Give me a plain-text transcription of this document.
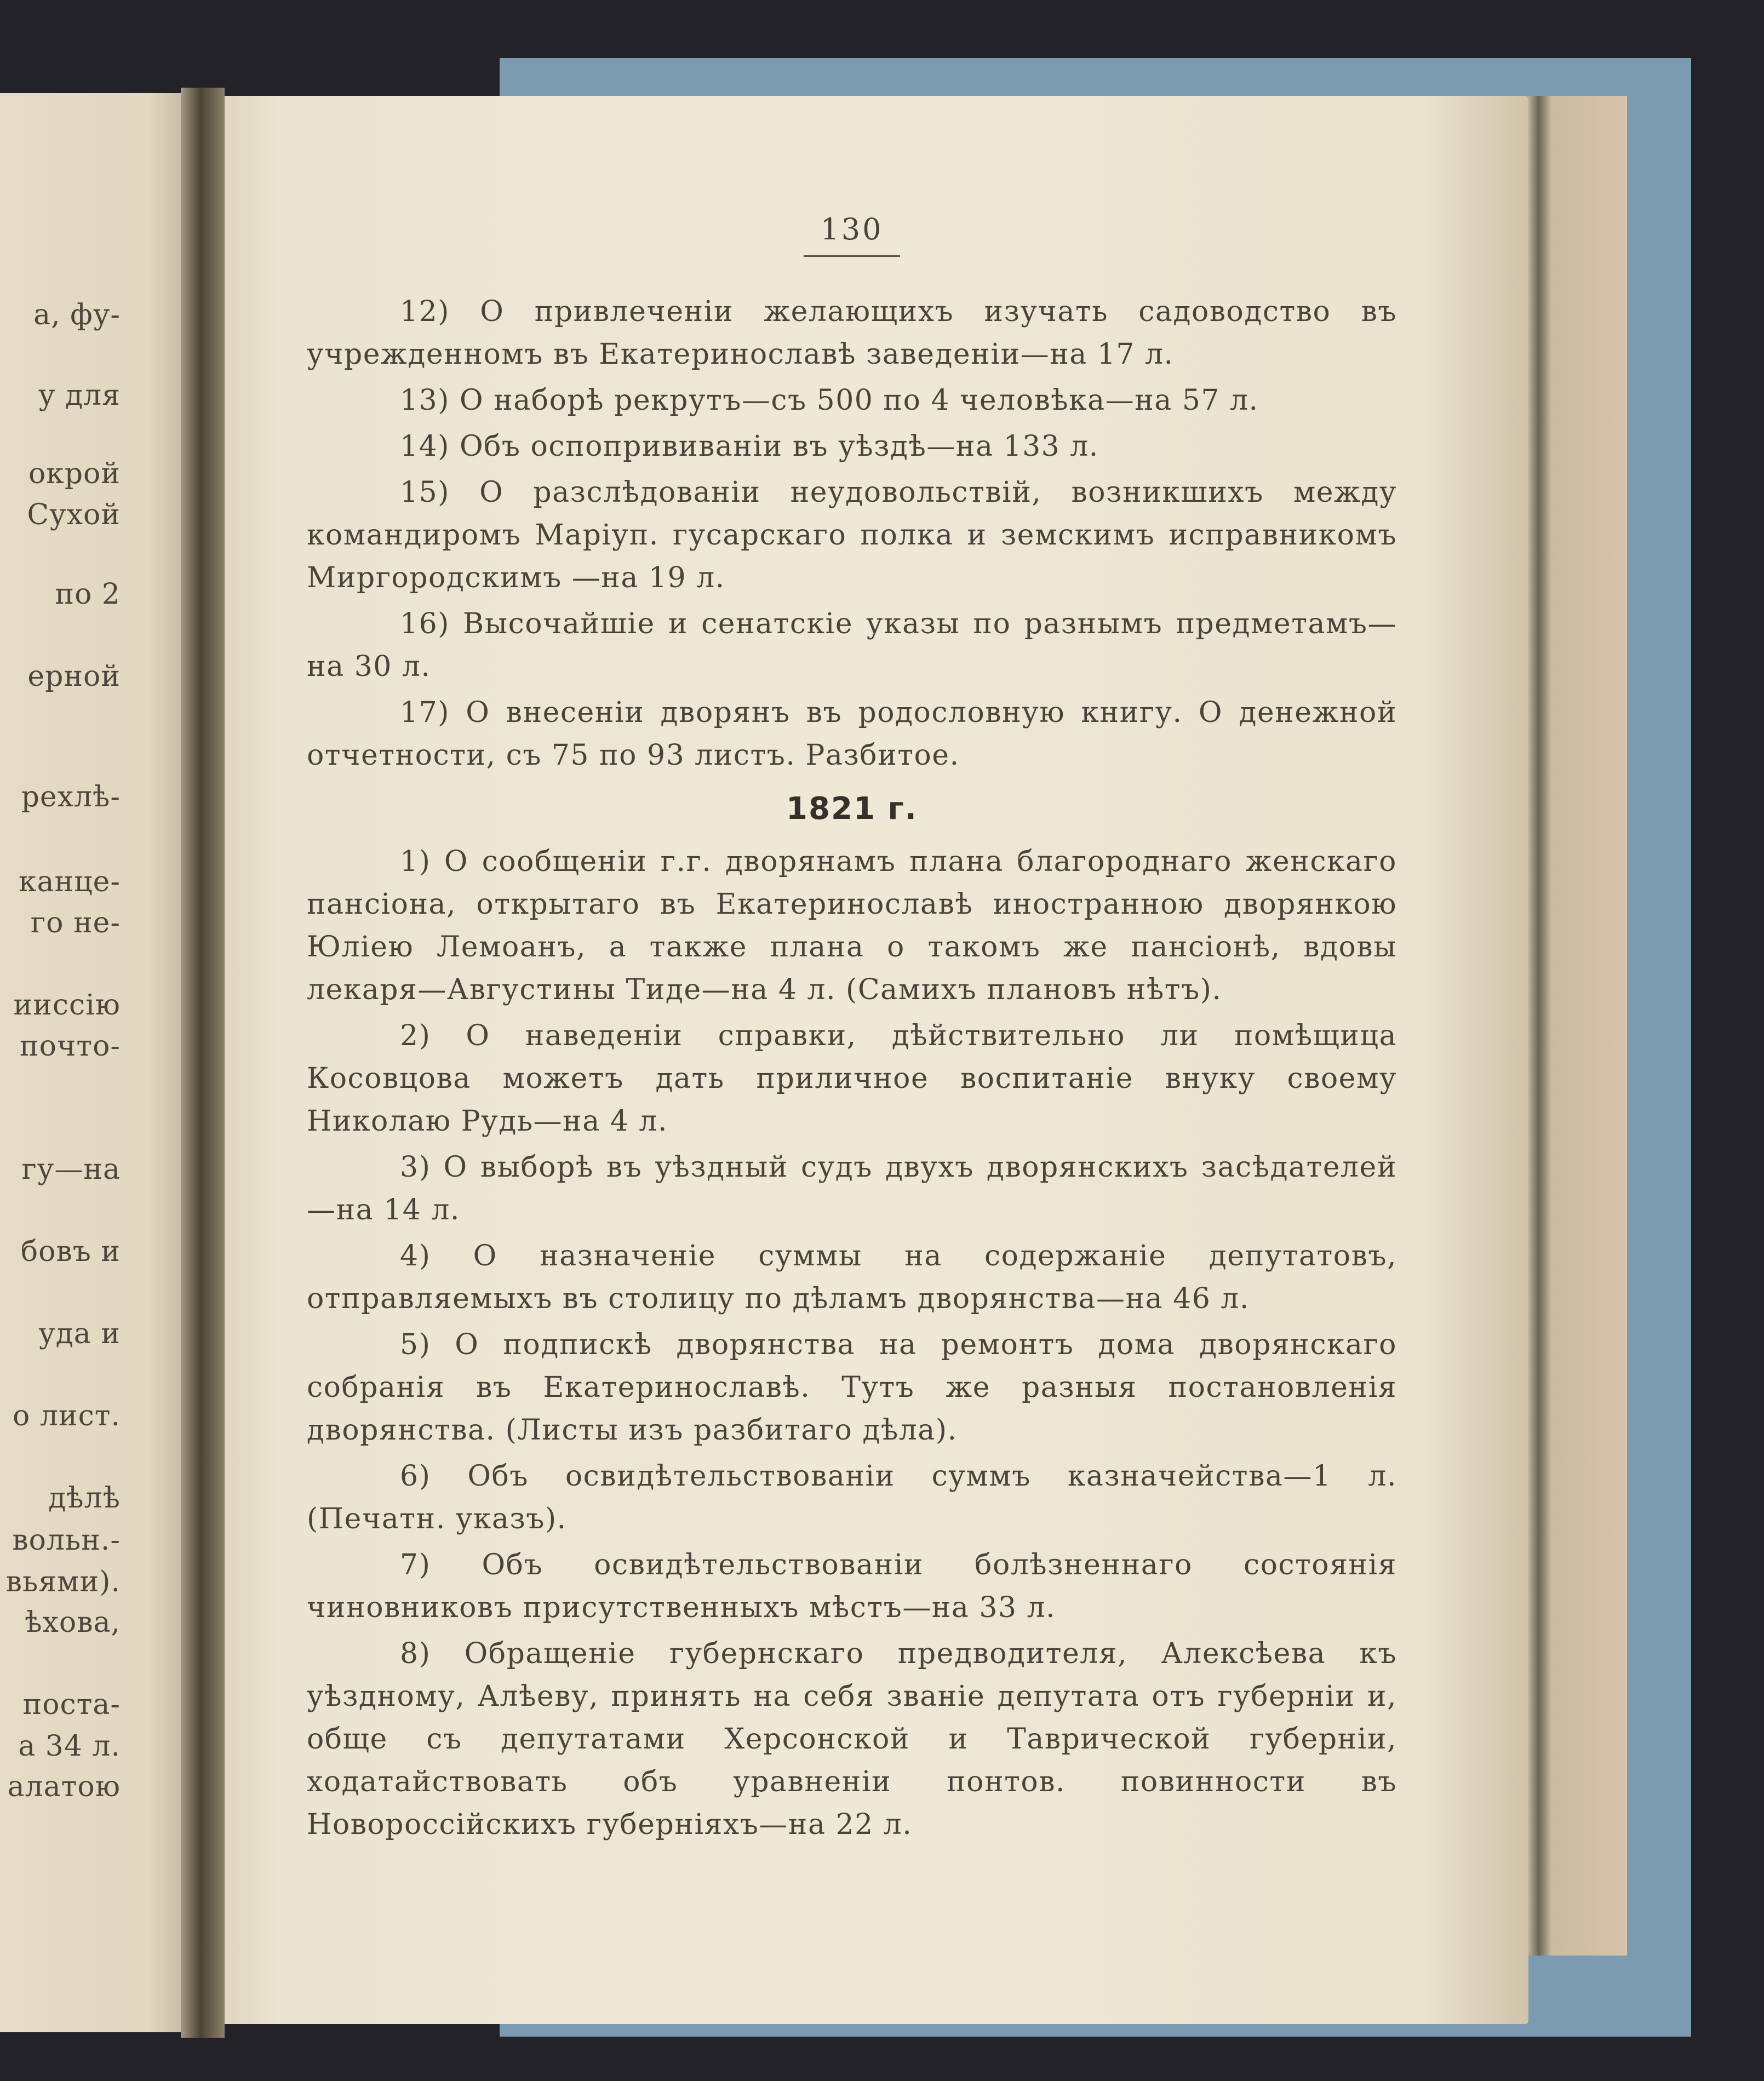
а, фу-
у для
окрой
Сухой
по 2
ерной
рехлѣ-
канце-
го не-
ииссію
почто-
гу—на
бовъ и
уда и
о лист.
дѣлѣ
вольн.-
вьями).
ѣхова,
поста-
а 34 л.
алатою
130

12) О привлеченіи желающихъ изучать садоводство въ учрежденномъ въ Екатеринославѣ заведеніи—на 17 л.

13) О наборѣ рекрутъ—съ 500 по 4 человѣка—на 57 л.

14) Объ оспопрививаніи въ уѣздѣ—на 133 л.

15) О разслѣдованіи неудовольствій, возникшихъ между командиромъ Маріуп. гусарскаго полка и земскимъ исправникомъ Миргородскимъ —на 19 л.

16) Высочайшіе и сенатскіе указы по разнымъ предметамъ—на 30 л.

17) О внесеніи дворянъ въ родословную книгу. О денежной отчетности, съ 75 по 93 листъ. Разбитое.

1821 г.

1) О сообщеніи г.г. дворянамъ плана благороднаго женскаго пансіона, открытаго въ Екатеринославѣ иностранною дворянкою Юліею Лемоанъ, а также плана о такомъ же пансіонѣ, вдовы лекаря—Августины Тиде—на 4 л. (Самихъ плановъ нѣтъ).

2) О наведеніи справки, дѣйствительно ли помѣщица Косовцова можетъ дать приличное воспитаніе внуку своему Николаю Рудь—на 4 л.

3) О выборѣ въ уѣздный судъ двухъ дворянскихъ засѣдателей—на 14 л.

4) О назначеніе суммы на содержаніе депутатовъ, отправляемыхъ въ столицу по дѣламъ дворянства—на 46 л.

5) О подпискѣ дворянства на ремонтъ дома дворянскаго собранія въ Екатеринославѣ. Тутъ же разныя постановленія дворянства. (Листы изъ разбитаго дѣла).

6) Объ освидѣтельствованіи суммъ казначейства—1 л. (Печатн. указъ).

7) Объ освидѣтельствованіи болѣзненнаго состоянія чиновниковъ присутственныхъ мѣстъ—на 33 л.

8) Обращеніе губернскаго предводителя, Алексѣева къ уѣздному, Алѣеву, принять на себя званіе депутата отъ губерніи и, обще съ депутатами Херсонской и Таврической губерніи, ходатайствовать объ уравненіи понтов. повинности въ Новороссійскихъ губерніяхъ—на 22 л.
